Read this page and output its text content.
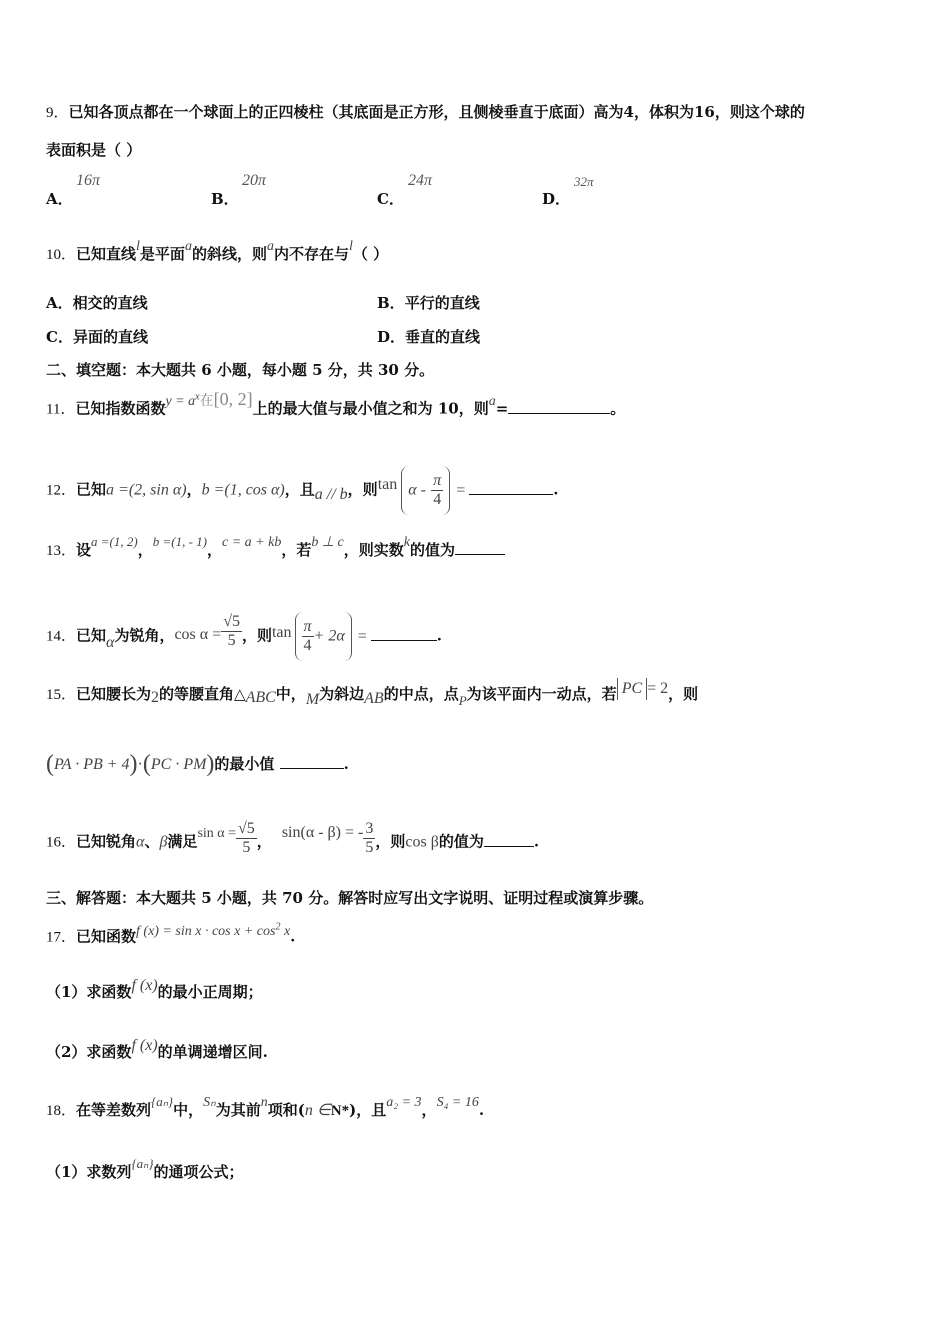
9．已知各顶点都在一个球面上的正四棱柱（其底面是正方形，且侧棱垂直于底面）高为4，体积为16，则这个球的
表面积是（ ）
A．
16π
B．
20π
C．
24π
D．
32π
10．已知直线l是平面a的斜线，则a内不存在与l（ ）
A．相交的直线	B．平行的直线
C．异面的直线	D．垂直的直线
二、填空题：本大题共 6 小题，每小题 5 分，共 30 分。
11．已知指数函数$y = a^x$在[0, 2]上的最大值与最小值之和为 10，则a=	。
12．已知a =(2, sin α)，b =(1, cos α)，且a // b，则tan α - $\frac{\pi}{4}$ =	.
13．设a =(1, 2)，b =(1, - 1)，c = a + kb，若b ⊥ c，则实数k的值为
14．已知α为锐角，$\cos \alpha = \frac{√5}{5}$ ，则$\tan \frac{\pi}{4} + 2\alpha$ =	.
15．已知腰长为2的等腰直角△ABC中，M为斜边AB的中点，点P为该平面内一动点，若 PC = 2，则
(PA · PB + 4)·(PC · PM)的最小值	.
16．已知锐角α、β满足$\sin \alpha = \frac{√5}{5}$ ，sin(α - β) = - $\frac{3}{5}$ ，则cos β的值为	.
三、解答题：本大题共 5 小题，共 70 分。解答时应写出文字说明、证明过程或演算步骤。
17．已知函数f $(x) = \sin x \cdot \cos x + \cos^2 x$.
（1）求函数f (x)的最小正周期；
（2）求函数f (x)的单调递增区间.
18．在等差数列{aₙ}中，Sₙ为其前n项和(n ∈N*)，且a₂ = 3，S₄ = 16.
（1）求数列{aₙ}的通项公式；
